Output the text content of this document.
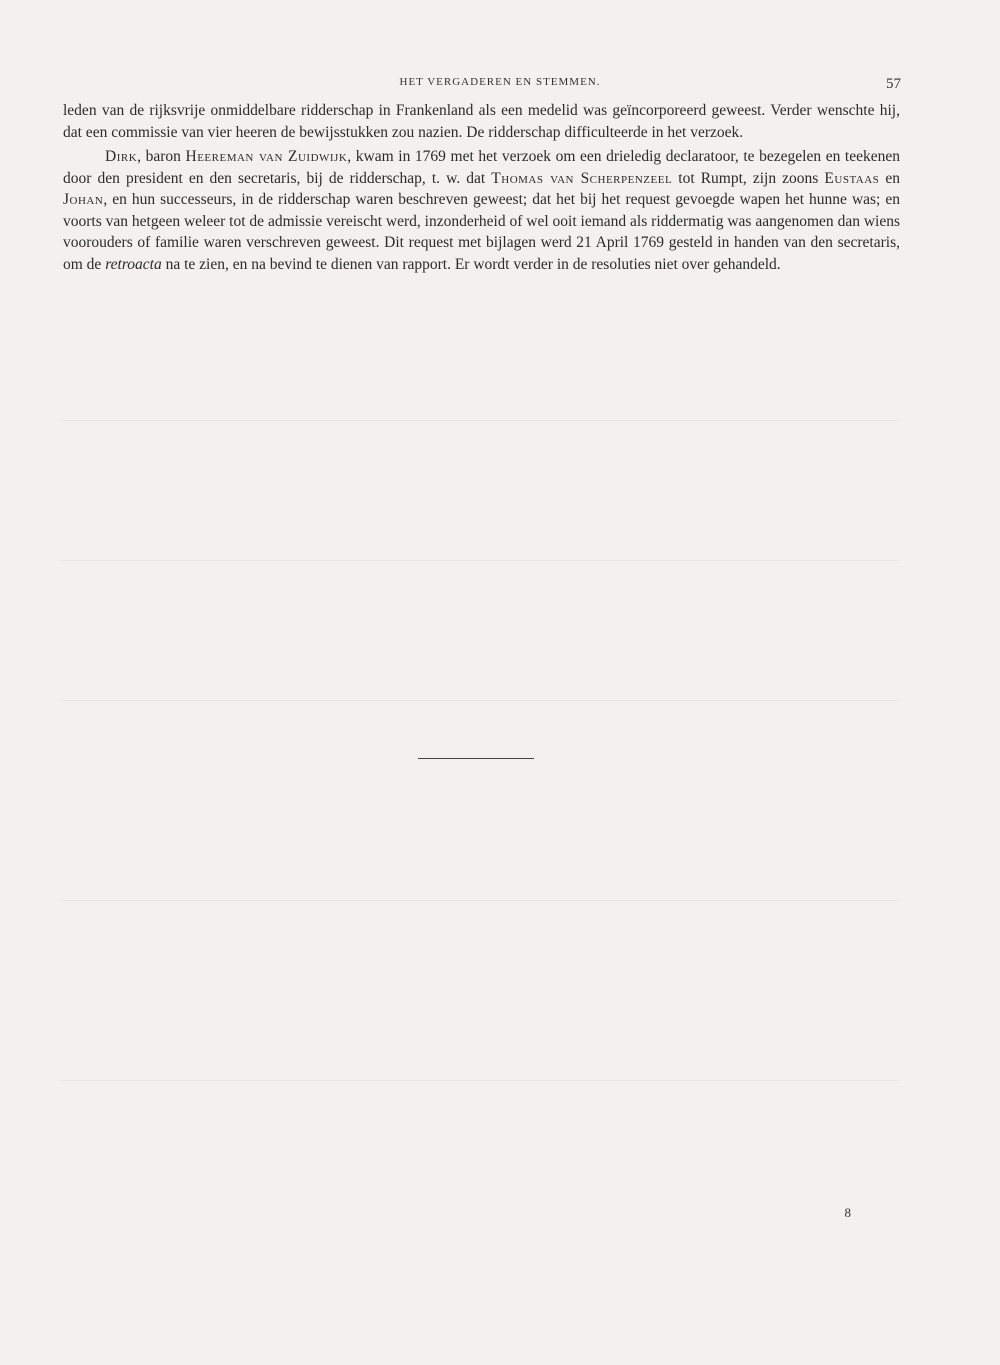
HET VERGADEREN EN STEMMEN.	57

leden van de rijksvrije onmiddelbare ridderschap in Frankenland als een medelid was geïncorporeerd geweest. Verder wenschte hij, dat een commissie van vier heeren de bewijsstukken zou nazien. De ridderschap difficulteerde in het verzoek.

Dirk, baron Heereman van Zuidwijk, kwam in 1769 met het verzoek om een drieledig declaratoor, te bezegelen en teekenen door den president en den secretaris, bij de ridderschap, t. w. dat Thomas van Scherpenzeel tot Rumpt, zijn zoons Eustaas en Johan, en hun successeurs, in de ridderschap waren beschreven geweest; dat het bij het request gevoegde wapen het hunne was; en voorts van hetgeen weleer tot de admissie vereischt werd, inzonderheid of wel ooit iemand als riddermatig was aangenomen dan wiens voorouders of familie waren verschreven geweest. Dit request met bijlagen werd 21 April 1769 gesteld in handen van den secretaris, om de retroacta na te zien, en na bevind te dienen van rapport. Er wordt verder in de resoluties niet over gehandeld.

8
